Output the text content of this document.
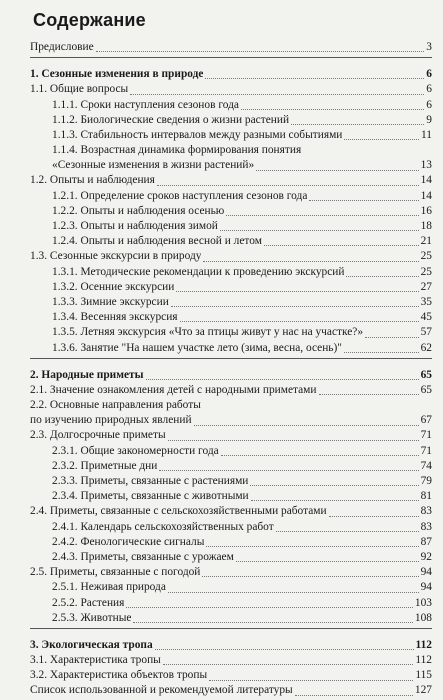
Содержание
Предисловие	3
1. Сезонные изменения в природе	6
1.1. Общие вопросы	6
1.1.1. Сроки наступления сезонов года	6
1.1.2. Биологические сведения о жизни растений	9
1.1.3. Стабильность интервалов между разными событиями	11
1.1.4. Возрастная динамика формирования понятия
«Сезонные изменения в жизни растений»	13
1.2. Опыты и наблюдения	14
1.2.1. Определение сроков наступления сезонов года	14
1.2.2. Опыты и наблюдения осенью	16
1.2.3. Опыты и наблюдения зимой	18
1.2.4. Опыты и наблюдения весной и летом	21
1.3. Сезонные экскурсии в природу	25
1.3.1. Методические рекомендации к проведению экскурсий	25
1.3.2. Осенние экскурсии	27
1.3.3. Зимние экскурсии	35
1.3.4. Весенняя экскурсия	45
1.3.5. Летняя экскурсия «Что за птицы живут у нас на участке?»	57
1.3.6. Занятие "На нашем участке лето (зима, весна, осень)"	62
2. Народные приметы	65
2.1. Значение ознакомления детей с народными приметами	65
2.2. Основные направления работы
по изучению природных явлений	67
2.3. Долгосрочные приметы	71
2.3.1. Общие закономерности года	71
2.3.2. Приметные дни	74
2.3.3. Приметы, связанные с растениями	79
2.3.4. Приметы, связанные с животными	81
2.4. Приметы, связанные с сельскохозяйственными работами	83
2.4.1. Календарь сельскохозяйственных работ	83
2.4.2. Фенологические сигналы	87
2.4.3. Приметы, связанные с урожаем	92
2.5. Приметы, связанные с погодой	94
2.5.1. Неживая природа	94
2.5.2. Растения	103
2.5.3. Животные	108
3. Экологическая тропа	112
3.1. Характеристика тропы	112
3.2. Характеристика объектов тропы	115
Список использованной и рекомендуемой литературы	127
